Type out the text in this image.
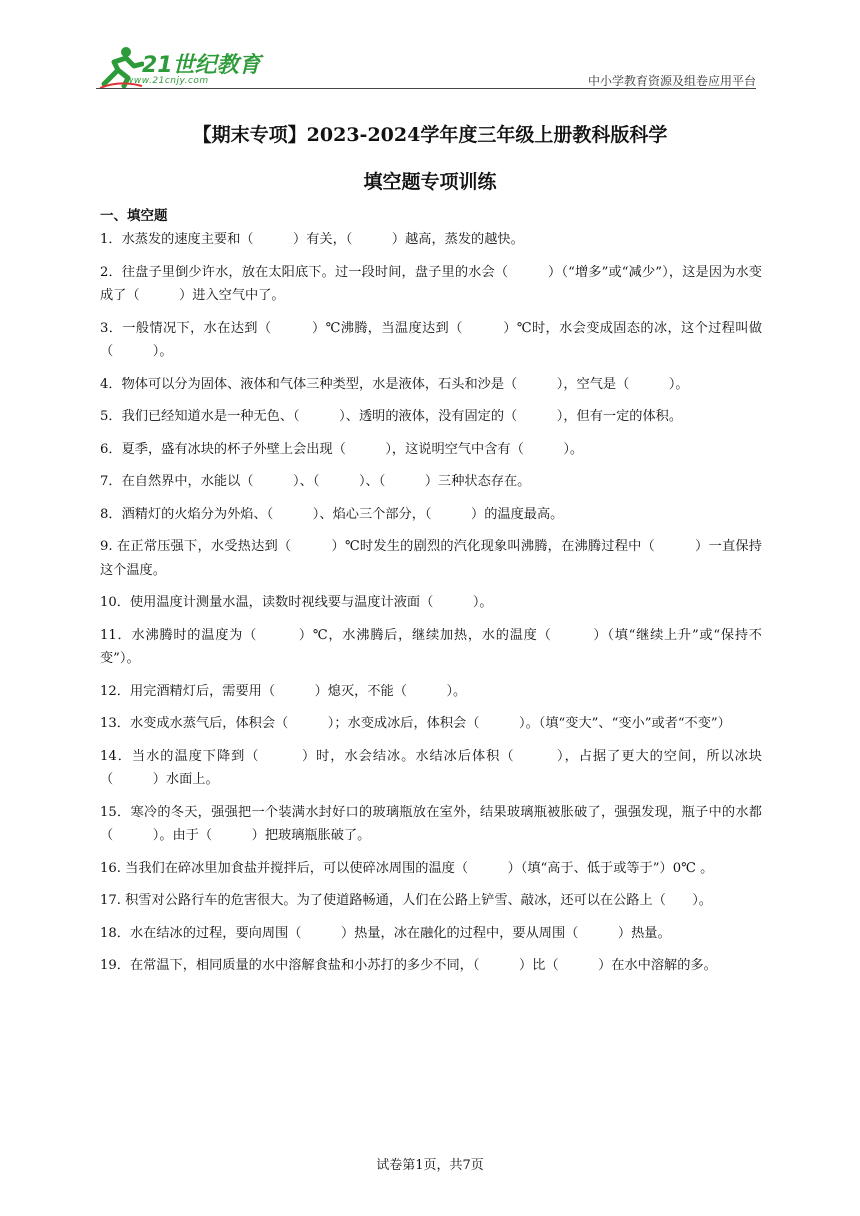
21世纪教育
www.21cnjy.com	中小学教育资源及组卷应用平台
【期末专项】2023-2024学年度三年级上册教科版科学
填空题专项训练
一、填空题

1．水蒸发的速度主要和（　　　）有关，（　　　）越高，蒸发的越快。

2．往盘子里倒少许水，放在太阳底下。过一段时间，盘子里的水会（　　　）（“增多”或“减少”），这是因为水变成了（　　　）进入空气中了。

3．一般情况下，水在达到（　　　）℃沸腾，当温度达到（　　　）℃时，水会变成固态的冰，这个过程叫做（　　　）。

4．物体可以分为固体、液体和气体三种类型，水是液体，石头和沙是（　　　），空气是（　　　）。

5．我们已经知道水是一种无色、（　　　）、透明的液体，没有固定的（　　　），但有一定的体积。

6．夏季，盛有冰块的杯子外壁上会出现（　　　），这说明空气中含有（　　　）。

7．在自然界中，水能以（　　　）、（　　　）、（　　　）三种状态存在。

8．酒精灯的火焰分为外焰、（　　　）、焰心三个部分，（　　　）的温度最高。

9. 在正常压强下，水受热达到（　　　）℃时发生的剧烈的汽化现象叫沸腾，在沸腾过程中（　　　）一直保持这个温度。

10．使用温度计测量水温，读数时视线要与温度计液面（　　　）。

11．水沸腾时的温度为（　　　）℃，水沸腾后，继续加热，水的温度（　　　）（填“继续上升”或“保持不变”）。

12．用完酒精灯后，需要用（　　　）熄灭，不能（　　　）。

13．水变成水蒸气后，体积会（　　　）；水变成冰后，体积会（　　　）。（填“变大”、“变小”或者“不变”）

14．当水的温度下降到（　　　）时，水会结冰。水结冰后体积（　　　），占据了更大的空间，所以冰块（　　　）水面上。

15．寒冷的冬天，强强把一个装满水封好口的玻璃瓶放在室外，结果玻璃瓶被胀破了，强强发现，瓶子中的水都（　　　）。由于（　　　）把玻璃瓶胀破了。

16. 当我们在碎冰里加食盐并搅拌后，可以使碎冰周围的温度（　　　）（填“高于、低于或等于”）0℃ 。

17. 积雪对公路行车的危害很大。为了使道路畅通，人们在公路上铲雪、敲冰，还可以在公路上（　　）。

18．水在结冰的过程，要向周围（　　　）热量，冰在融化的过程中，要从周围（　　　）热量。

19．在常温下，相同质量的水中溶解食盐和小苏打的多少不同，（　　　）比（　　　）在水中溶解的多。

试卷第1页，共7页
